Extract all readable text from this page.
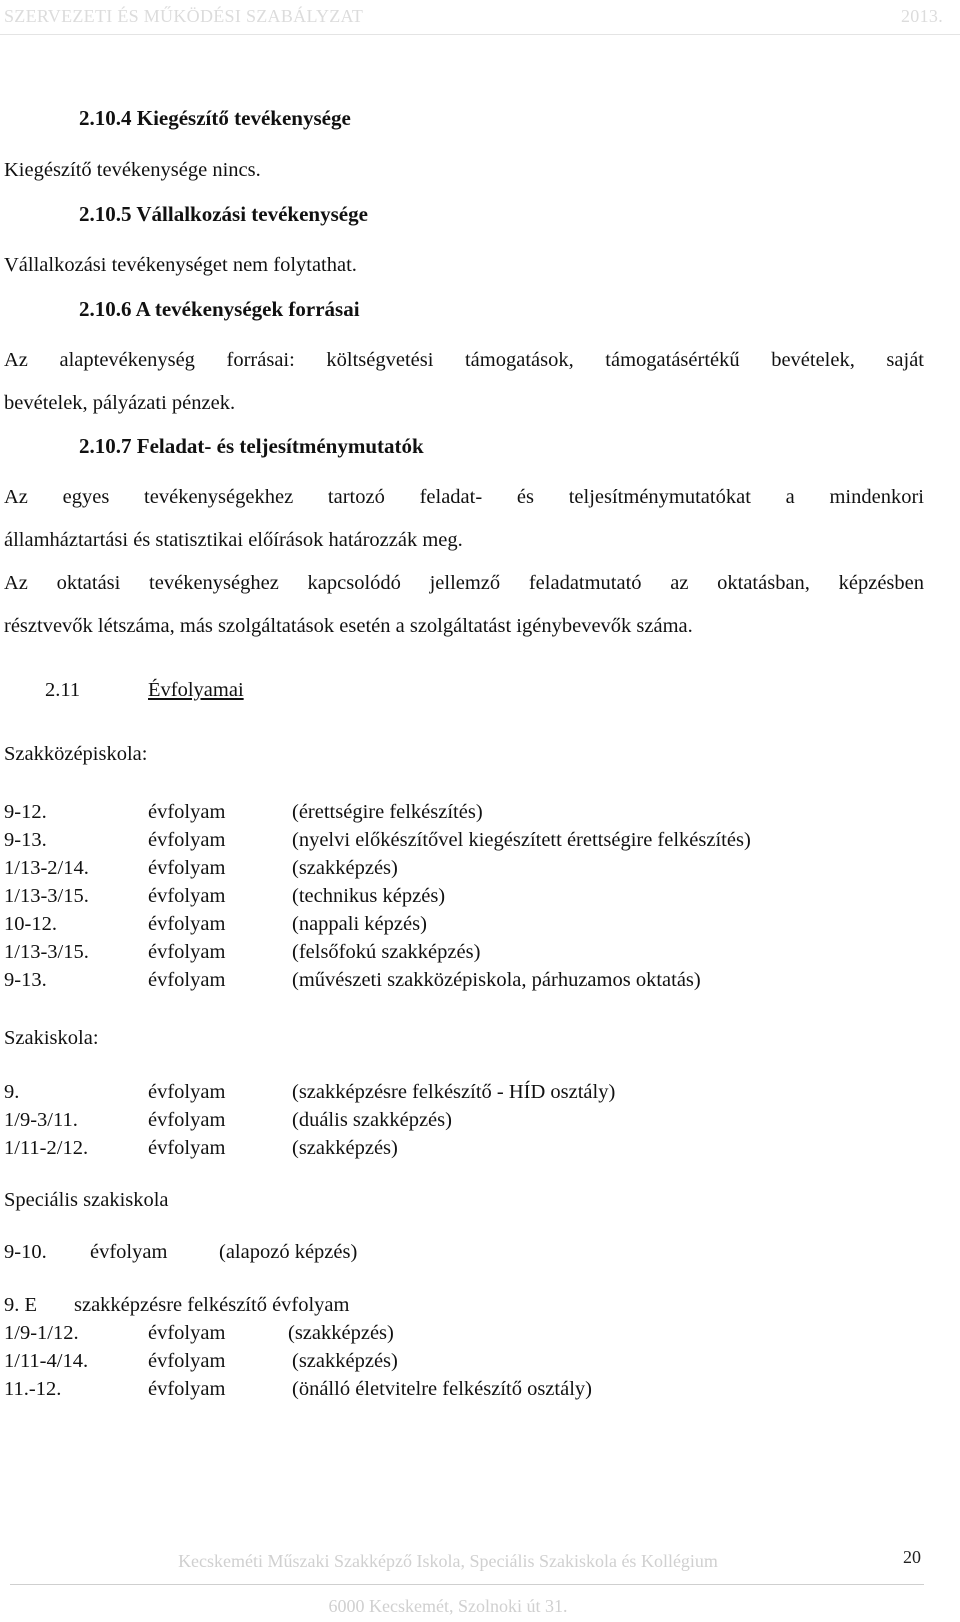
SZERVEZETI ÉS MŰKÖDÉSI SZABÁLYZAT	2013.
2.10.4 Kiegészítő tevékenysége
Kiegészítő tevékenysége nincs.
2.10.5 Vállalkozási tevékenysége
Vállalkozási tevékenységet nem folytathat.
2.10.6 A tevékenységek forrásai
Az alaptevékenység forrásai: költségvetési támogatások, támogatásértékű bevételek, saját
bevételek, pályázati pénzek.
2.10.7 Feladat- és teljesítménymutatók
Az egyes tevékenységekhez tartozó feladat- és teljesítménymutatókat a mindenkori
államháztartási és statisztikai előírások határozzák meg.
Az oktatási tevékenységhez kapcsolódó jellemző feladatmutató az oktatásban, képzésben
résztvevők létszáma, más szolgáltatások esetén a szolgáltatást igénybevevők száma.
2.11	Évfolyamai
Szakközépiskola:
9-12.	évfolyam	(érettségire felkészítés)
9-13.	évfolyam	(nyelvi előkészítővel kiegészített érettségire felkészítés)
1/13-2/14.	évfolyam	(szakképzés)
1/13-3/15.	évfolyam	(technikus képzés)
10-12.	évfolyam	(nappali képzés)
1/13-3/15.	évfolyam	(felsőfokú szakképzés)
9-13.	évfolyam	(művészeti szakközépiskola, párhuzamos oktatás)
Szakiskola:
9.	évfolyam	(szakképzésre felkészítő - HÍD osztály)
1/9-3/11.	évfolyam	(duális szakképzés)
1/11-2/12.	évfolyam	(szakképzés)
Speciális szakiskola
9-10. évfolyam	(alapozó képzés)
9. E szakképzésre felkészítő évfolyam
1/9-1/12.	évfolyam	(szakképzés)
1/11-4/14.	évfolyam	(szakképzés)
11.-12.	évfolyam	(önálló életvitelre felkészítő osztály)
Kecskeméti Műszaki Szakképző Iskola, Speciális Szakiskola és Kollégium
6000 Kecskemét, Szolnoki út 31.
20
